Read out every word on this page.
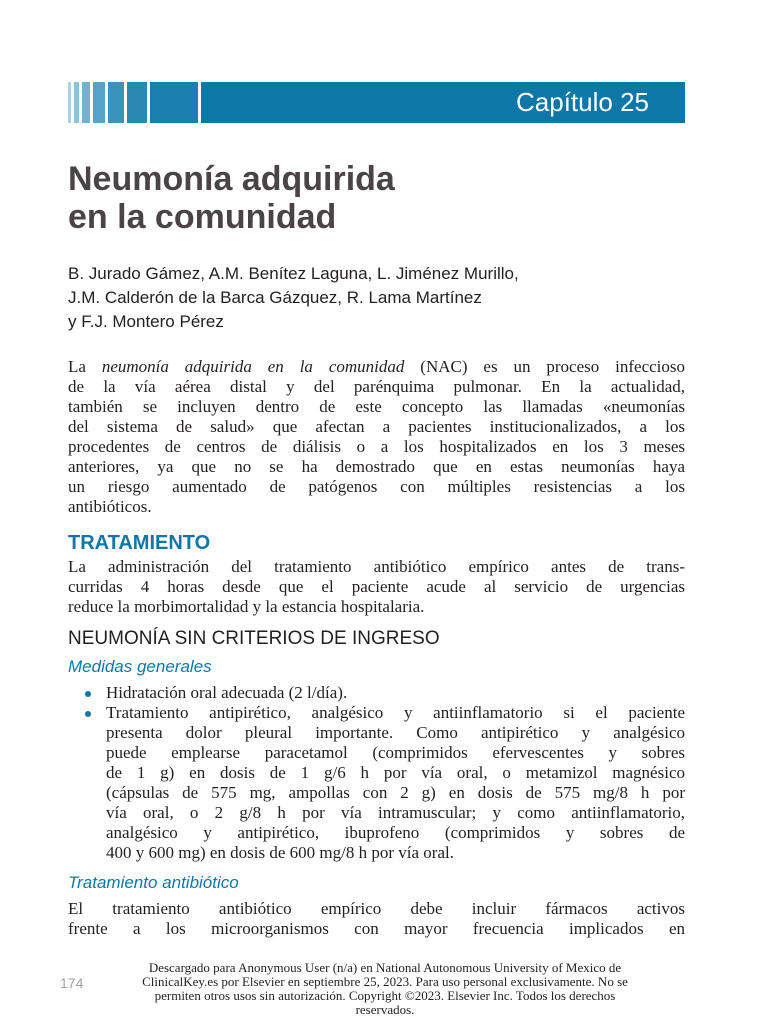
Capítulo 25
Neumonía adquirida
en la comunidad
B. Jurado Gámez, A.M. Benítez Laguna, L. Jiménez Murillo,
J.M. Calderón de la Barca Gázquez, R. Lama Martínez
y F.J. Montero Pérez
La neumonía adquirida en la comunidad (NAC) es un proceso infeccioso
de la vía aérea distal y del parénquima pulmonar. En la actualidad,
también se incluyen dentro de este concepto las llamadas «neumonías
del sistema de salud» que afectan a pacientes institucionalizados, a los
procedentes de centros de diálisis o a los hospitalizados en los 3 meses
anteriores, ya que no se ha demostrado que en estas neumonías haya
un riesgo aumentado de patógenos con múltiples resistencias a los
antibióticos.
TRATAMIENTO
La administración del tratamiento antibiótico empírico antes de trans-
curridas 4 horas desde que el paciente acude al servicio de urgencias
reduce la morbimortalidad y la estancia hospitalaria.
NEUMONÍA SIN CRITERIOS DE INGRESO
Medidas generales
Hidratación oral adecuada (2 l/día).
Tratamiento antipirético, analgésico y antiinflamatorio si el paciente
presenta dolor pleural importante. Como antipirético y analgésico
puede emplearse paracetamol (comprimidos efervescentes y sobres
de 1 g) en dosis de 1 g/6 h por vía oral, o metamizol magnésico
(cápsulas de 575 mg, ampollas con 2 g) en dosis de 575 mg/8 h por
vía oral, o 2 g/8 h por vía intramuscular; y como antiinflamatorio,
analgésico y antipirético, ibuprofeno (comprimidos y sobres de
400 y 600 mg) en dosis de 600 mg/8 h por vía oral.
Tratamiento antibiótico
El tratamiento antibiótico empírico debe incluir fármacos activos
frente a los microorganismos con mayor frecuencia implicados en
174
Descargado para Anonymous User (n/a) en National Autonomous University of Mexico de
ClinicalKey.es por Elsevier en septiembre 25, 2023. Para uso personal exclusivamente. No se
permiten otros usos sin autorización. Copyright ©2023. Elsevier Inc. Todos los derechos
reservados.
